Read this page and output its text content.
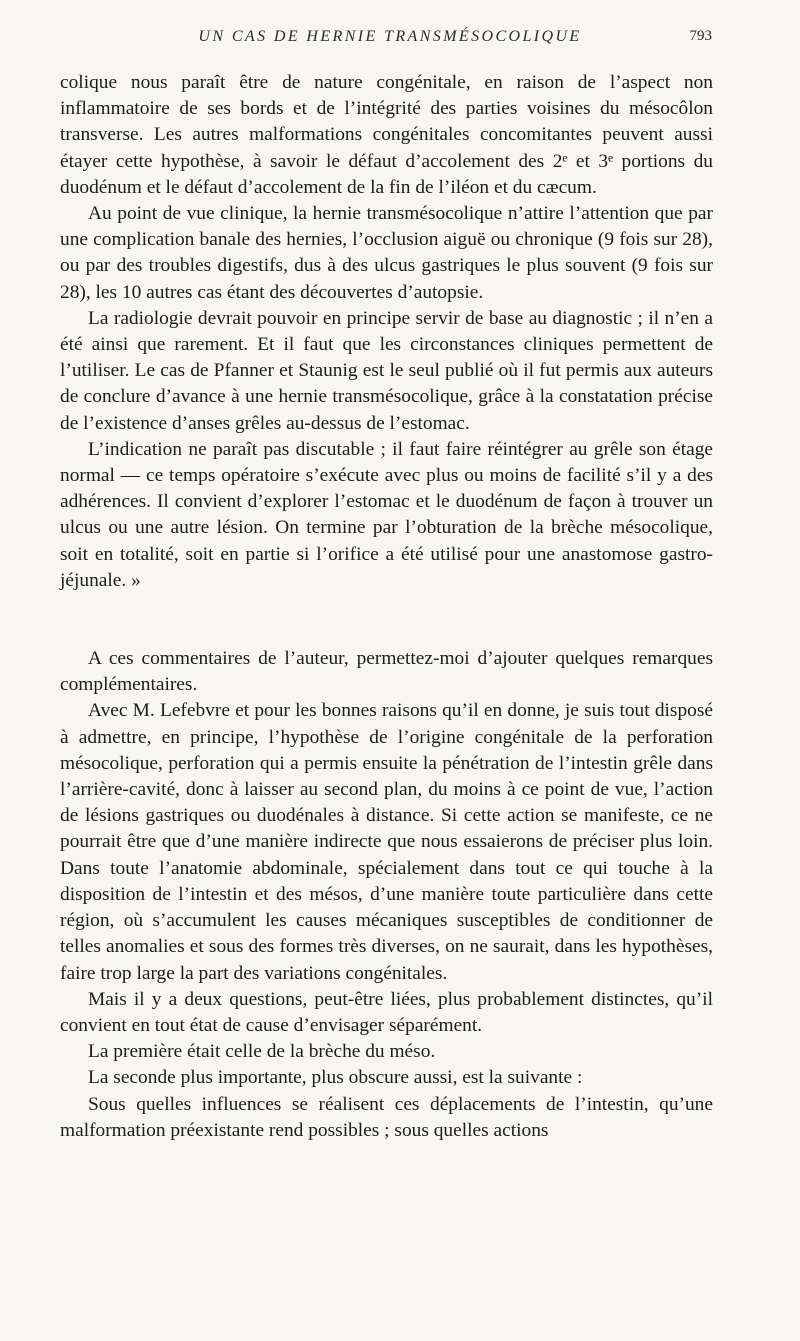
UN CAS DE HERNIE TRANSMÉSOCOLIQUE	793

colique nous paraît être de nature congénitale, en raison de l’aspect non inflammatoire de ses bords et de l’intégrité des parties voisines du mésocôlon transverse. Les autres malformations congénitales concomitantes peuvent aussi étayer cette hypothèse, à savoir le défaut d’accolement des 2ᵉ et 3ᵉ portions du duodénum et le défaut d’accolement de la fin de l’iléon et du cæcum.

Au point de vue clinique, la hernie transmésocolique n’attire l’attention que par une complication banale des hernies, l’occlusion aiguë ou chronique (9 fois sur 28), ou par des troubles digestifs, dus à des ulcus gastriques le plus souvent (9 fois sur 28), les 10 autres cas étant des découvertes d’autopsie.

La radiologie devrait pouvoir en principe servir de base au diagnostic ; il n’en a été ainsi que rarement. Et il faut que les circonstances cliniques permettent de l’utiliser. Le cas de Pfanner et Staunig est le seul publié où il fut permis aux auteurs de conclure d’avance à une hernie transmésocolique, grâce à la constatation précise de l’existence d’anses grêles au-dessus de l’estomac.

L’indication ne paraît pas discutable ; il faut faire réintégrer au grêle son étage normal — ce temps opératoire s’exécute avec plus ou moins de facilité s’il y a des adhérences. Il convient d’explorer l’estomac et le duodénum de façon à trouver un ulcus ou une autre lésion. On termine par l’obturation de la brèche mésocolique, soit en totalité, soit en partie si l’orifice a été utilisé pour une anastomose gastro-jéjunale. »

A ces commentaires de l’auteur, permettez-moi d’ajouter quelques remarques complémentaires.

Avec M. Lefebvre et pour les bonnes raisons qu’il en donne, je suis tout disposé à admettre, en principe, l’hypothèse de l’origine congénitale de la perforation mésocolique, perforation qui a permis ensuite la pénétration de l’intestin grêle dans l’arrière-cavité, donc à laisser au second plan, du moins à ce point de vue, l’action de lésions gastriques ou duodénales à distance. Si cette action se manifeste, ce ne pourrait être que d’une manière indirecte que nous essaierons de préciser plus loin. Dans toute l’anatomie abdominale, spécialement dans tout ce qui touche à la disposition de l’intestin et des mésos, d’une manière toute particulière dans cette région, où s’accumulent les causes mécaniques susceptibles de conditionner de telles anomalies et sous des formes très diverses, on ne saurait, dans les hypothèses, faire trop large la part des variations congénitales.

Mais il y a deux questions, peut-être liées, plus probablement distinctes, qu’il convient en tout état de cause d’envisager séparément.

La première était celle de la brèche du méso.

La seconde plus importante, plus obscure aussi, est la suivante :

Sous quelles influences se réalisent ces déplacements de l’intestin, qu’une malformation préexistante rend possibles ; sous quelles actions
